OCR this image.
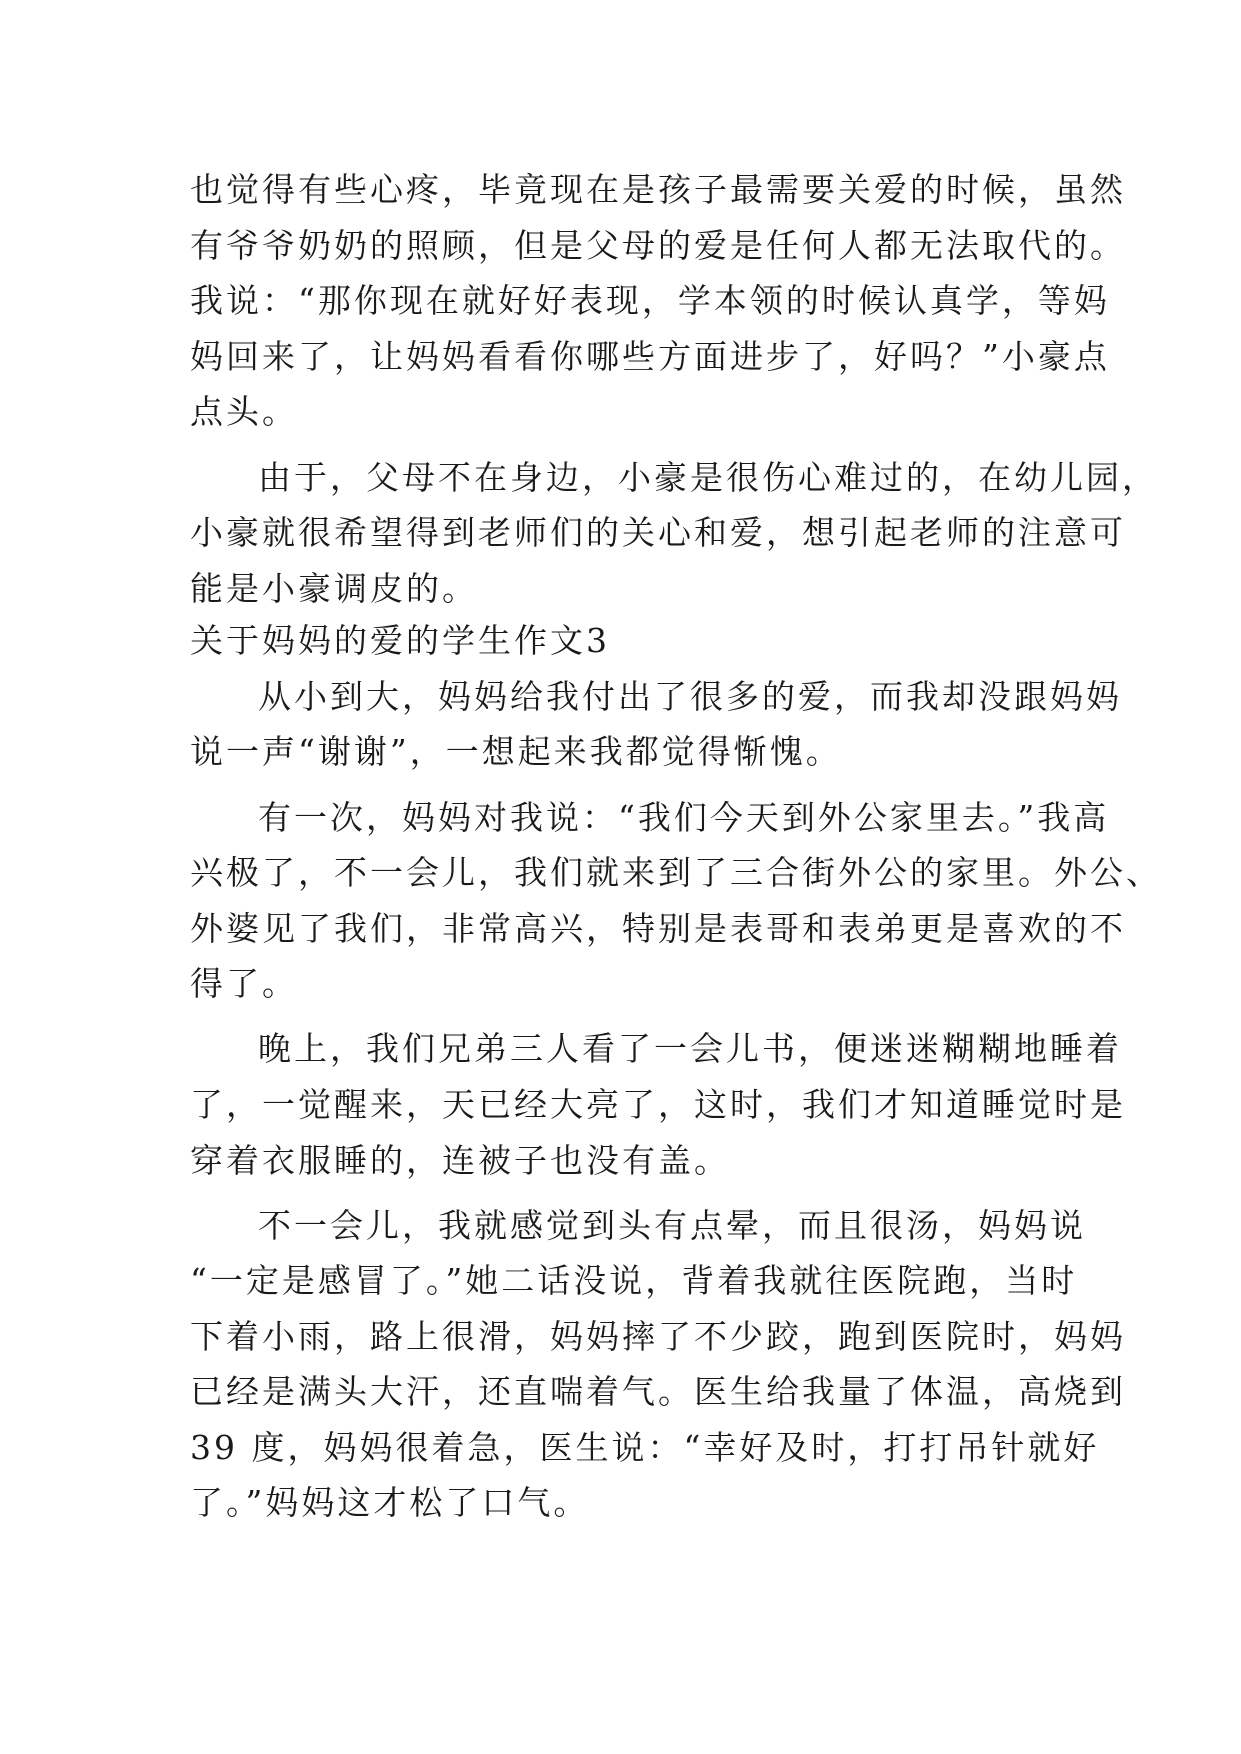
也觉得有些心疼，毕竟现在是孩子最需要关爱的时候，虽然
有爷爷奶奶的照顾，但是父母的爱是任何人都无法取代的。
我说：“那你现在就好好表现，学本领的时候认真学，等妈
妈回来了，让妈妈看看你哪些方面进步了，好吗？”小豪点
点头。
由于，父母不在身边，小豪是很伤心难过的，在幼儿园，
小豪就很希望得到老师们的关心和爱，想引起老师的注意可
能是小豪调皮的。
关于妈妈的爱的学生作文3
从小到大，妈妈给我付出了很多的爱，而我却没跟妈妈
说一声“谢谢”，一想起来我都觉得惭愧。
有一次，妈妈对我说：“我们今天到外公家里去。”我高
兴极了，不一会儿，我们就来到了三合街外公的家里。外公、
外婆见了我们，非常高兴，特别是表哥和表弟更是喜欢的不
得了。
晚上，我们兄弟三人看了一会儿书，便迷迷糊糊地睡着
了，一觉醒来，天已经大亮了，这时，我们才知道睡觉时是
穿着衣服睡的，连被子也没有盖。
不一会儿，我就感觉到头有点晕，而且很汤，妈妈说
“一定是感冒了。”她二话没说，背着我就往医院跑，当时
下着小雨，路上很滑，妈妈摔了不少跤，跑到医院时，妈妈
已经是满头大汗，还直喘着气。医生给我量了体温，高烧到
39 度，妈妈很着急，医生说：“幸好及时，打打吊针就好
了。”妈妈这才松了口气。
